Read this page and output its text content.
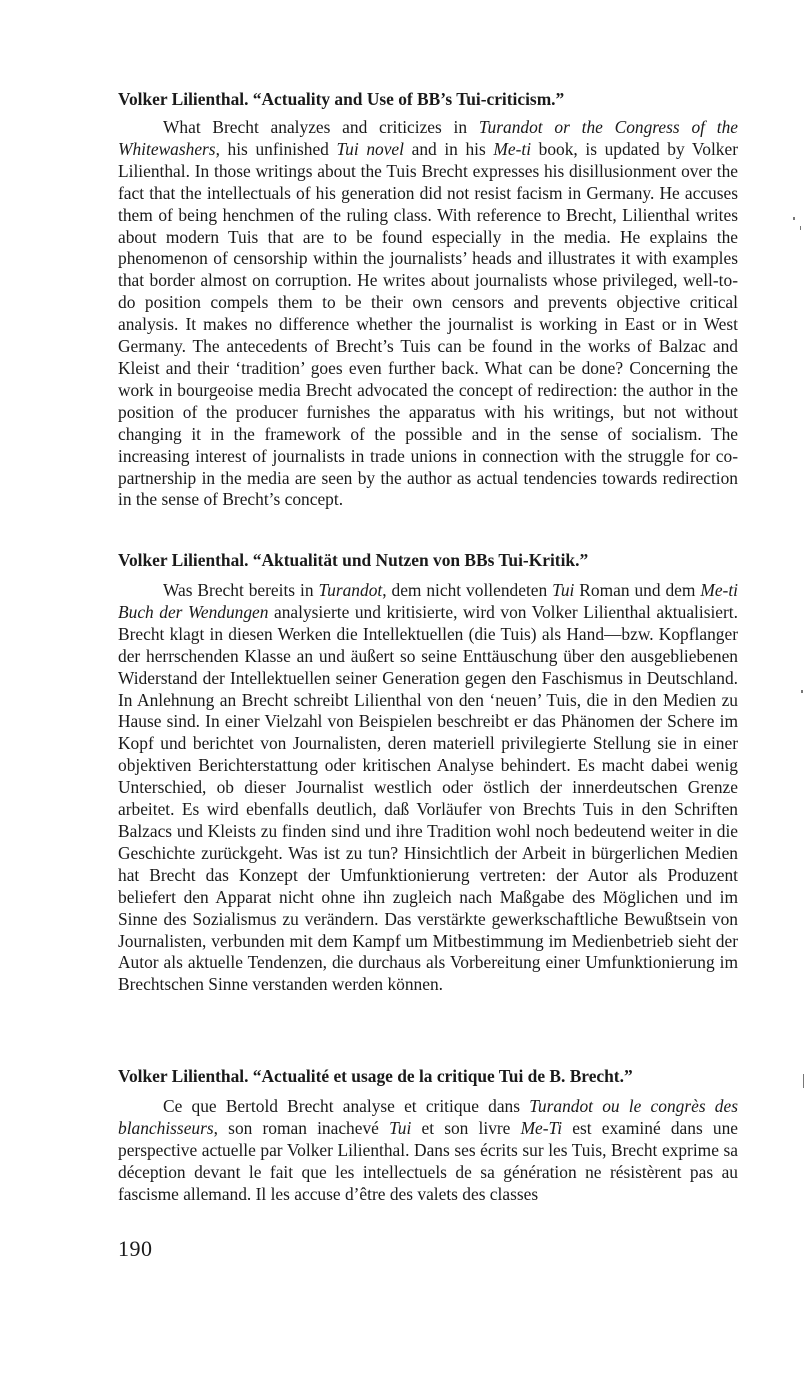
Volker Lilienthal. “Actuality and Use of BB’s Tui-criticism.”

What Brecht analyzes and criticizes in Turandot or the Congress of the Whitewashers, his unfinished Tui novel and in his Me-ti book, is updated by Volker Lilienthal. In those writings about the Tuis Brecht expresses his disillusionment over the fact that the intellectuals of his generation did not resist facism in Germany. He accuses them of being henchmen of the ruling class. With reference to Brecht, Lilienthal writes about modern Tuis that are to be found especially in the media. He explains the phenomenon of censorship within the journalists’ heads and illustrates it with examples that border almost on corruption. He writes about journalists whose privileged, well-to-do position compels them to be their own censors and prevents objective critical analysis. It makes no difference whether the journalist is working in East or in West Germany. The antecedents of Brecht’s Tuis can be found in the works of Balzac and Kleist and their ‘tradition’ goes even further back. What can be done? Concerning the work in bourgeoise media Brecht advocated the concept of redirection: the author in the position of the producer furnishes the apparatus with his writings, but not without changing it in the framework of the possible and in the sense of socialism. The increasing interest of journalists in trade unions in connection with the struggle for co-partnership in the media are seen by the author as actual tendencies towards redirection in the sense of Brecht’s concept.

Volker Lilienthal. “Aktualität und Nutzen von BBs Tui-Kritik.”

Was Brecht bereits in Turandot, dem nicht vollendeten Tui Roman und dem Me-ti Buch der Wendungen analysierte und kritisierte, wird von Volker Lilienthal aktualisiert. Brecht klagt in diesen Werken die Intellektuellen (die Tuis) als Hand—bzw. Kopflanger der herrschenden Klasse an und äußert so seine Enttäuschung über den ausgebliebenen Widerstand der Intellektuellen seiner Generation gegen den Faschismus in Deutschland. In Anlehnung an Brecht schreibt Lilienthal von den ‘neuen’ Tuis, die in den Medien zu Hause sind. In einer Vielzahl von Beispielen beschreibt er das Phänomen der Schere im Kopf und berichtet von Journalisten, deren materiell privilegierte Stellung sie in einer objektiven Berichterstattung oder kritischen Analyse behindert. Es macht dabei wenig Unterschied, ob dieser Journalist westlich oder östlich der innerdeutschen Grenze arbeitet. Es wird ebenfalls deutlich, daß Vorläufer von Brechts Tuis in den Schriften Balzacs und Kleists zu finden sind und ihre Tradition wohl noch bedeutend weiter in die Geschichte zurückgeht. Was ist zu tun? Hinsichtlich der Arbeit in bürgerlichen Medien hat Brecht das Konzept der Umfunktionierung vertreten: der Autor als Produzent beliefert den Apparat nicht ohne ihn zugleich nach Maßgabe des Möglichen und im Sinne des Sozialismus zu verändern. Das verstärkte gewerkschaftliche Bewußtsein von Journalisten, verbunden mit dem Kampf um Mitbestimmung im Medienbetrieb sieht der Autor als aktuelle Tendenzen, die durchaus als Vorbereitung einer Umfunktionierung im Brechtschen Sinne verstanden werden können.

Volker Lilienthal. “Actualité et usage de la critique Tui de B. Brecht.”

Ce que Bertold Brecht analyse et critique dans Turandot ou le congrès des blanchisseurs, son roman inachevé Tui et son livre Me-Ti est examiné dans une perspective actuelle par Volker Lilienthal. Dans ses écrits sur les Tuis, Brecht exprime sa déception devant le fait que les intellectuels de sa génération ne résistèrent pas au fascisme allemand. Il les accuse d’être des valets des classes

190
